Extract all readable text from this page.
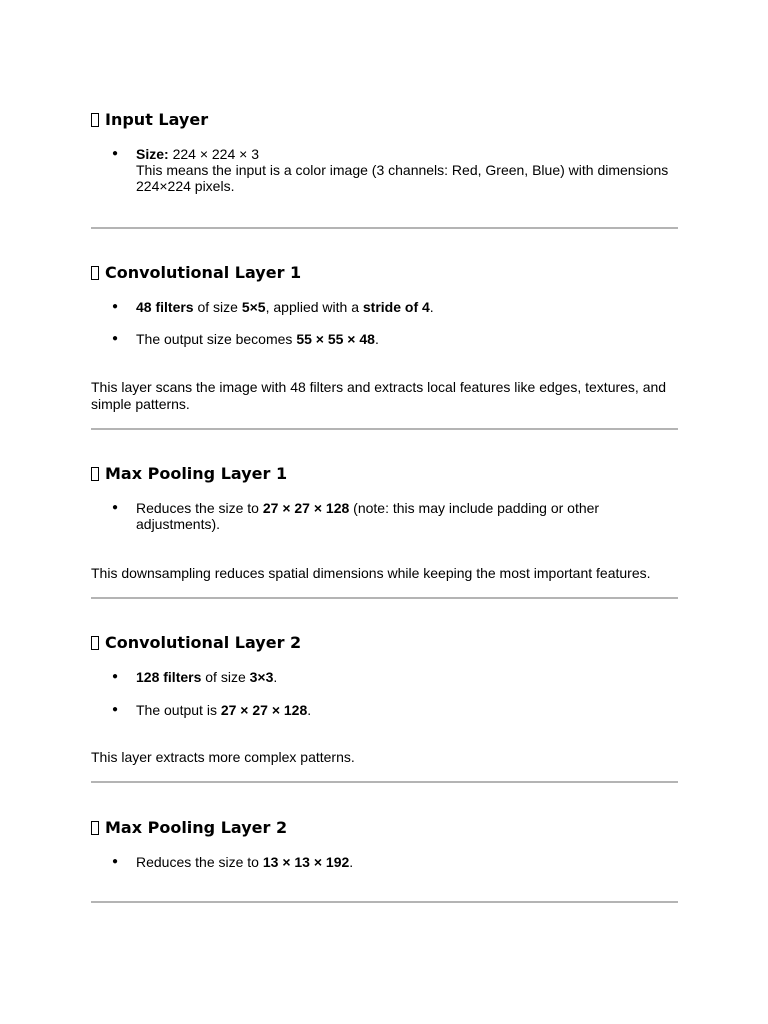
Input Layer
● Size: 224 × 224 × 3
This means the input is a color image (3 channels: Red, Green, Blue) with dimensions 224×224 pixels.
Convolutional Layer 1
● 48 filters of size 5×5, applied with a stride of 4.
● The output size becomes 55 × 55 × 48.

This layer scans the image with 48 filters and extracts local features like edges, textures, and simple patterns.

Max Pooling Layer 1
● Reduces the size to 27 × 27 × 128 (note: this may include padding or other adjustments).

This downsampling reduces spatial dimensions while keeping the most important features.

Convolutional Layer 2
● 128 filters of size 3×3.
● The output is 27 × 27 × 128.

This layer extracts more complex patterns.

Max Pooling Layer 2
● Reduces the size to 13 × 13 × 192.
